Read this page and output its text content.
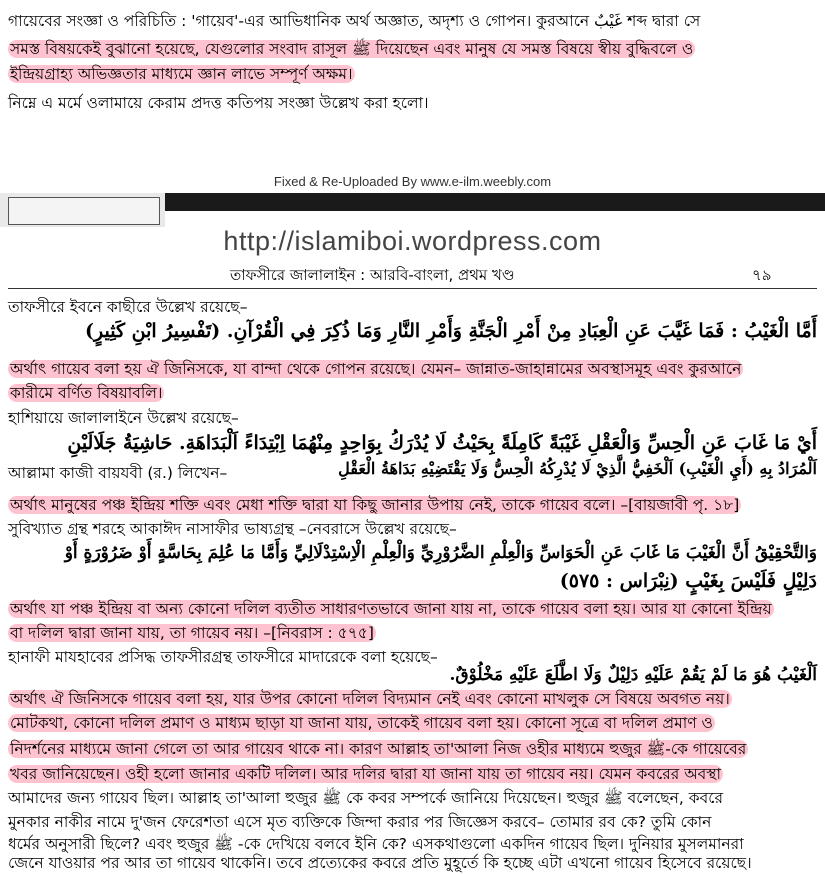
গায়েবের সংজ্ঞা ও পরিচিতি : 'গায়েব'-এর আভিধানিক অর্থ অজ্ঞাত, অদৃশ্য ও গোপন। কুরআনে غَيْبٌ শব্দ দ্বারা সে
সমস্ত বিষয়কেই বুঝানো হয়েছে, যেগুলোর সংবাদ রাসূল ﷺ দিয়েছেন এবং মানুষ যে সমস্ত বিষয়ে স্বীয় বুদ্ধিবলে ও
ইন্দ্রিয়গ্রাহ্য অভিজ্ঞতার মাধ্যমে জ্ঞান লাভে সম্পূর্ণ অক্ষম।
নিম্নে এ মর্মে ওলামায়ে কেরাম প্রদত্ত কতিপয় সংজ্ঞা উল্লেখ করা হলো।
Fixed & Re-Uploaded By www.e-ilm.weebly.com
http://islamiboi.wordpress.com
তাফসীরে জালালাইন : আরবি-বাংলা, প্রথম খণ্ড	৭৯
তাফসীরে ইবনে কাছীরে উল্লেখ রয়েছে–
أَمَّا الْغَيْبُ : فَمَا غَيَّبَ عَنِ الْعِبَادِ مِنْ أَمْرِ الْجَنَّةِ وَأَمْرِ النَّارِ وَمَا ذُكِرَ فِي الْقُرْآنِ. (تَفْسِيرُ ابْنِ كَثِيرٍ)
অর্থাৎ গায়েব বলা হয় ঐ জিনিসকে, যা বান্দা থেকে গোপন রয়েছে। যেমন– জান্নাত-জাহান্নামের অবস্থাসমূহ এবং কুরআনে
কারীমে বর্ণিত বিষয়াবলি।
হাশিয়ায়ে জালালাইনে উল্লেখ রয়েছে–
أَيْ مَا غَابَ عَنِ الْحِسِّ وَالْعَقْلِ غَيْبَةً كَامِلَةً بِحَيْثُ لَا يُدْرَكُ بِوَاحِدٍ مِنْهُمَا اِبْتِدَاءً اَلْبَدَاهَةِ. حَاشِيَةُ جَلَالَيْنِ
আল্লামা কাজী বায়যবী (র.) লিখেন–	اَلْمُرَادُ بِهِ (أَيِ الْغَيْبِ) اَلْخَفِيُّ الَّذِيْ لَا يُدْرِكُهُ الْحِسُّ وَلَا يَقْتَضِيْهِ بَدَاهَةُ الْعَقْلِ
অর্থাৎ মানুষের পঞ্চ ইন্দ্রিয় শক্তি এবং মেধা শক্তি দ্বারা যা কিছু জানার উপায় নেই, তাকে গায়েব বলে। –[বায়জাবী পৃ. ১৮]
সুবিখ্যাত গ্রন্থ শরহে আকাঈদ নাসাফীর ভাষ্যগ্রন্থ –নেবরাসে উল্লেখ রয়েছে–
وَالتَّحْقِيْقُ أَنَّ الْغَيْبَ مَا غَابَ عَنِ الْحَوَاسِّ وَالْعِلْمِ الضَّرُوْرِيِّ وَالْعِلْمِ الْاِسْتِدْلَالِيِّ وَأَمَّا مَا عُلِمَ بِحَاسَّةٍ أَوْ ضَرُوْرَةٍ أَوْ
دَلِيْلٍ فَلَيْسَ بِغَيْبٍ (نِبْرَاس : ٥٧٥)
অর্থাৎ যা পঞ্চ ইন্দ্রিয় বা অন্য কোনো দলিল ব্যতীত সাধারণতভাবে জানা যায় না, তাকে গায়েব বলা হয়। আর যা কোনো ইন্দ্রিয়
বা দলিল দ্বারা জানা যায়, তা গায়েব নয়। –[নিবরাস : ৫৭৫]
হানাফী মাযহাবের প্রসিদ্ধ তাফসীরগ্রন্থ তাফসীরে মাদারেকে বলা হয়েছে–
اَلْغَيْبُ هُوَ مَا لَمْ يَقُمْ عَلَيْهِ دَلِيْلٌ وَلَا اطَّلَعَ عَلَيْهِ مَخْلُوْقٌ.
অর্থাৎ ঐ জিনিসকে গায়েব বলা হয়, যার উপর কোনো দলিল বিদ্যমান নেই এবং কোনো মাখলুক সে বিষয়ে অবগত নয়।
মোটকথা, কোনো দলিল প্রমাণ ও মাধ্যম ছাড়া যা জানা যায়, তাকেই গায়েব বলা হয়। কোনো সূত্রে বা দলিল প্রমাণ ও
নিদর্শনের মাধ্যমে জানা গেলে তা আর গায়েব থাকে না। কারণ আল্লাহ তা'আলা নিজ ওহীর মাধ্যমে হুজুর ﷺ-কে গায়েবের
খবর জানিয়েছেন। ওহী হলো জানার একটি দলিল। আর দলির দ্বারা যা জানা যায় তা গায়েব নয়। যেমন কবরের অবস্থা
আমাদের জন্য গায়েব ছিল। আল্লাহ তা'আলা হুজুর ﷺ কে কবর সম্পর্কে জানিয়ে দিয়েছেন। হুজুর ﷺ বলেছেন, কবরে
মুনকার নাকীর নামে দু'জন ফেরেশতা এসে মৃত ব্যক্তিকে জিন্দা করার পর জিজ্ঞেস করবে– তোমার রব কে? তুমি কোন
ধর্মের অনুসারী ছিলে? এবং হুজুর ﷺ -কে দেখিয়ে বলবে ইনি কে? এসকথাগুলো একদিন গায়েব ছিল। দুনিয়ার মুসলমানরা
জেনে যাওয়ার পর আর তা গায়েব থাকেনি। তবে প্রত্যেকের কবরে প্রতি মুহূর্তে কি হচ্ছে এটা এখনো গায়েব হিসেবে রয়েছে।
